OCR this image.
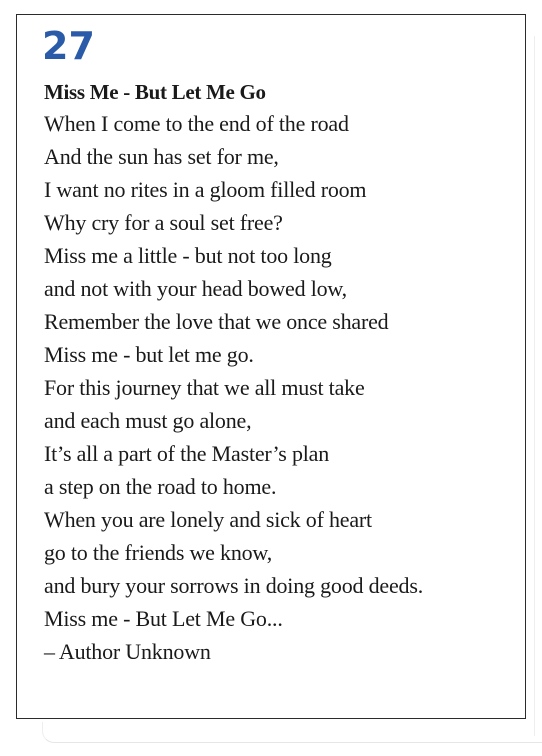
27
Miss Me - But Let Me Go
When I come to the end of the road
And the sun has set for me,
I want no rites in a gloom filled room
Why cry for a soul set free?
Miss me a little - but not too long
and not with your head bowed low,
Remember the love that we once shared
Miss me - but let me go.
For this journey that we all must take
and each must go alone,
It’s all a part of the Master’s plan
a step on the road to home.
When you are lonely and sick of heart
go to the friends we know,
and bury your sorrows in doing good deeds.
Miss me - But Let Me Go...
– Author Unknown
